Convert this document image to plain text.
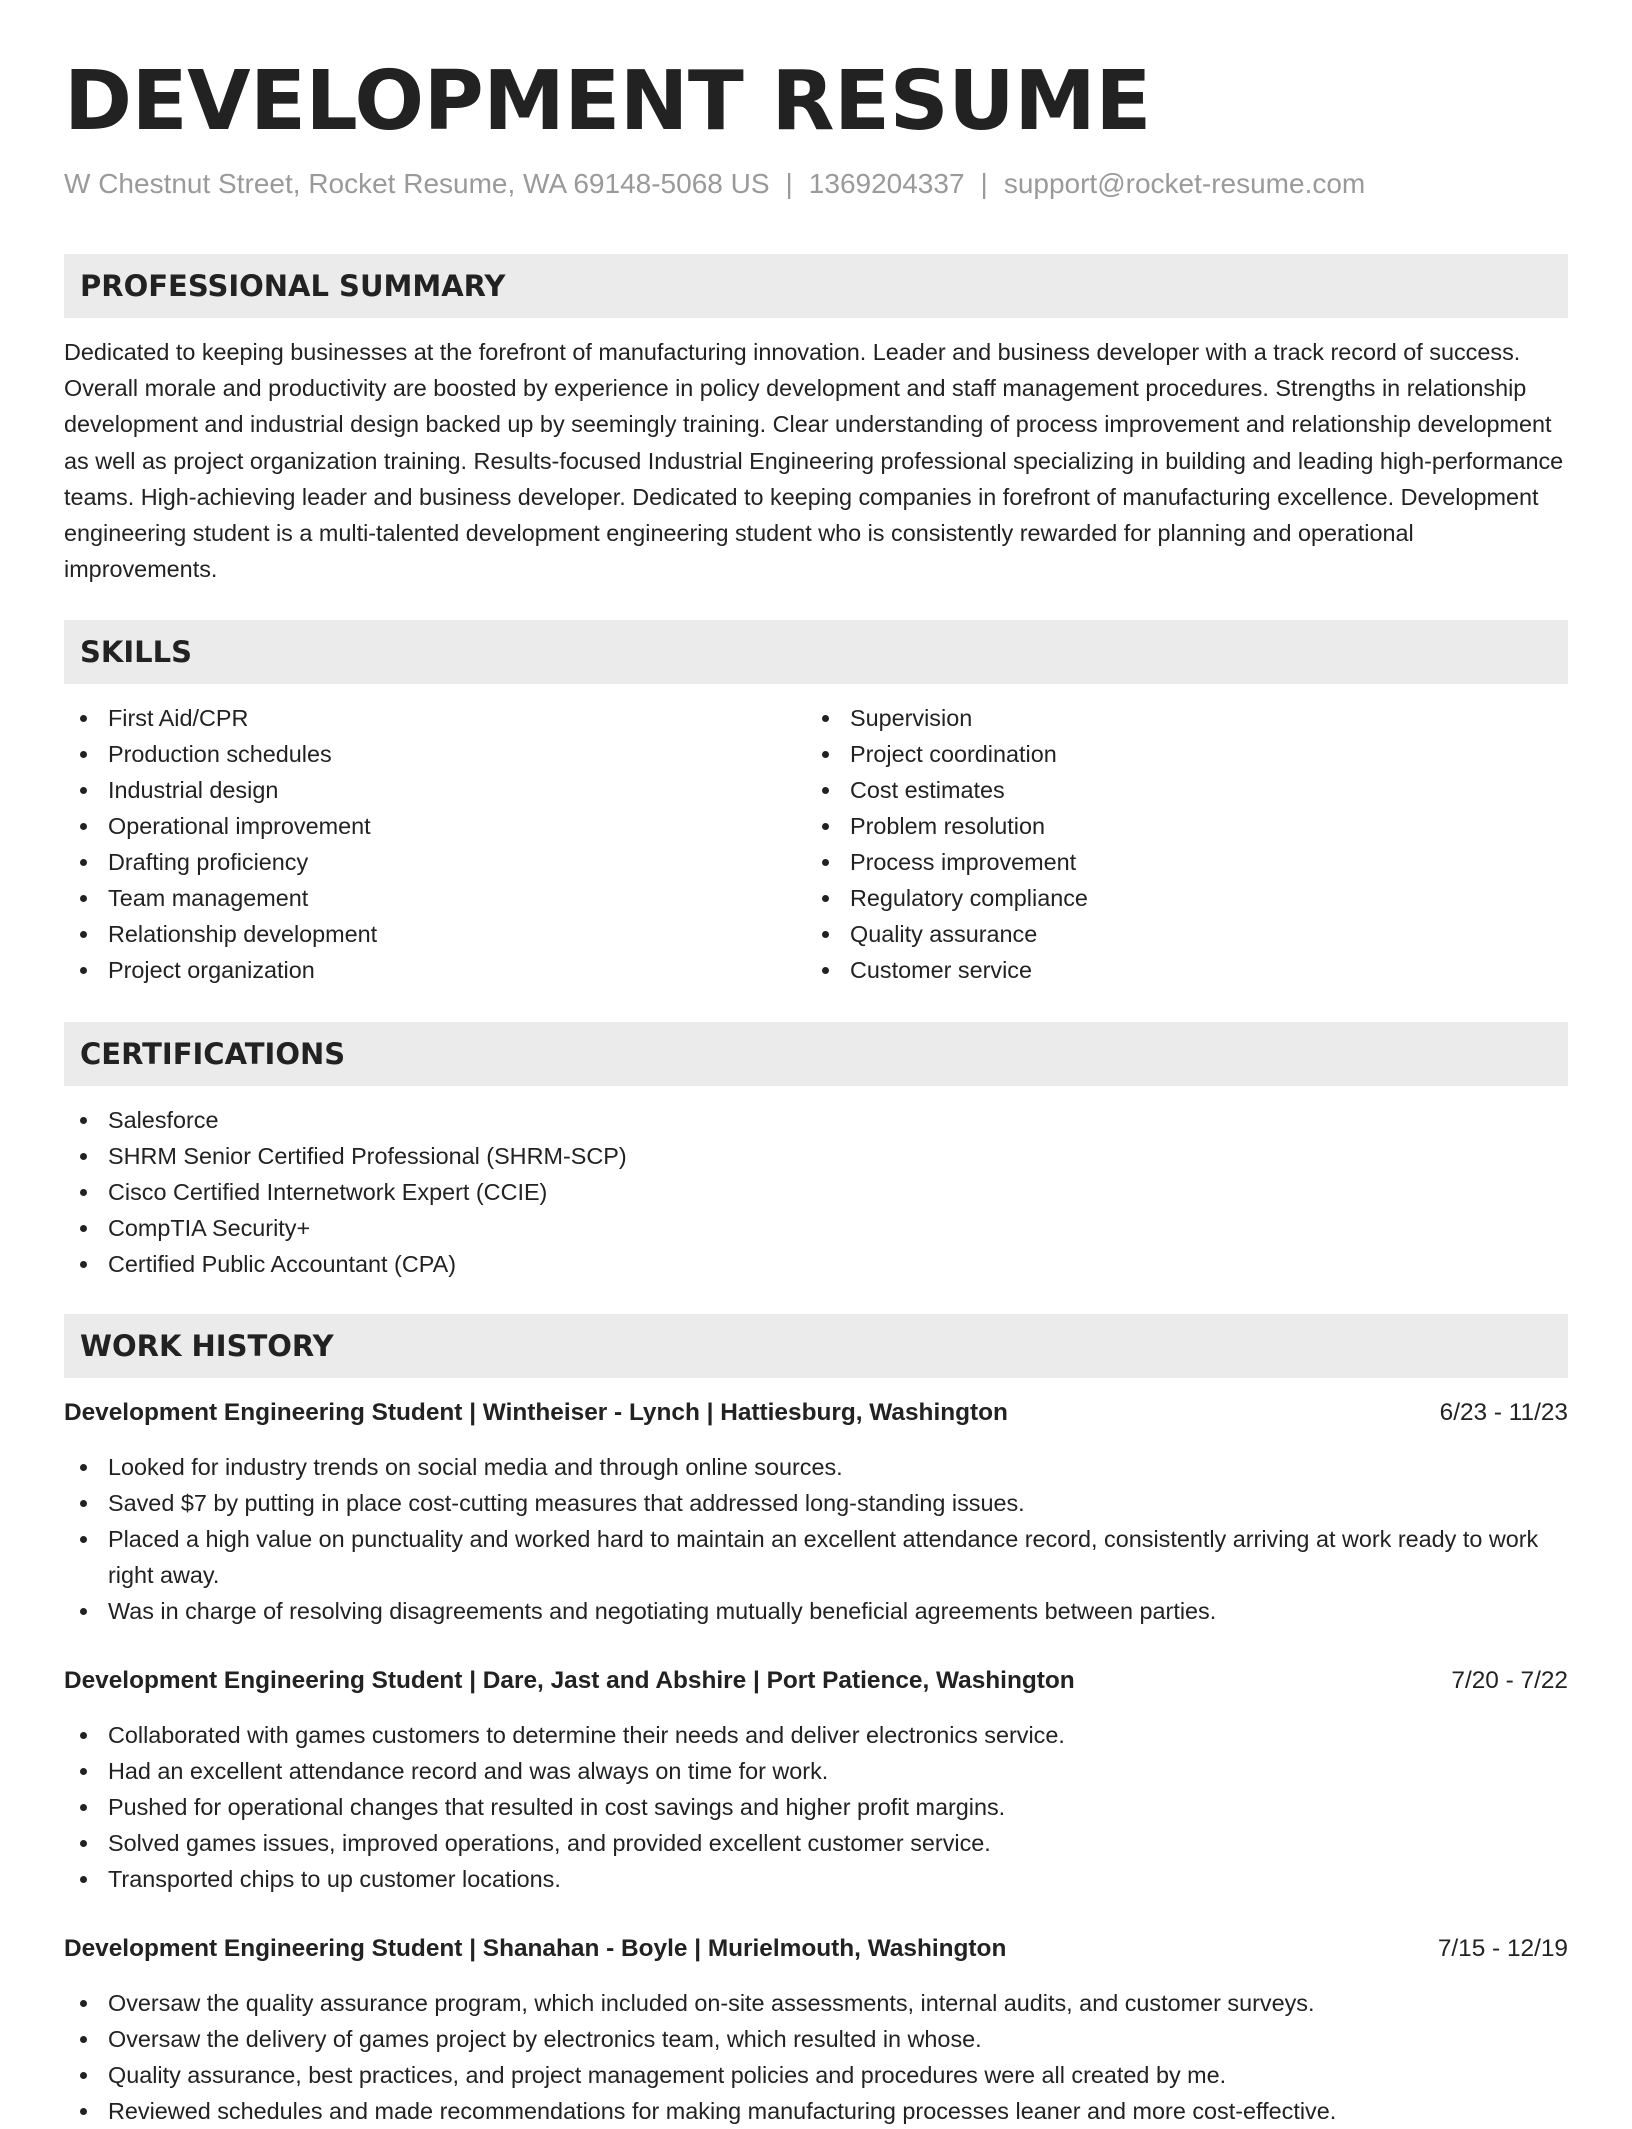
DEVELOPMENT RESUME
W Chestnut Street, Rocket Resume, WA 69148-5068 US | 1369204337 | support@rocket-resume.com
PROFESSIONAL SUMMARY

Dedicated to keeping businesses at the forefront of manufacturing innovation. Leader and business developer with a track record of success. Overall morale and productivity are boosted by experience in policy development and staff management procedures. Strengths in relationship development and industrial design backed up by seemingly training. Clear understanding of process improvement and relationship development as well as project organization training. Results-focused Industrial Engineering professional specializing in building and leading high-performance teams. High-achieving leader and business developer. Dedicated to keeping companies in forefront of manufacturing excellence. Development engineering student is a multi-talented development engineering student who is consistently rewarded for planning and operational improvements.

SKILLS
First Aid/CPR
Production schedules
Industrial design
Operational improvement
Drafting proficiency
Team management
Relationship development
Project organization
Supervision
Project coordination
Cost estimates
Problem resolution
Process improvement
Regulatory compliance
Quality assurance
Customer service
CERTIFICATIONS
Salesforce
SHRM Senior Certified Professional (SHRM-SCP)
Cisco Certified Internetwork Expert (CCIE)
CompTIA Security+
Certified Public Accountant (CPA)
WORK HISTORY
Development Engineering Student | Wintheiser - Lynch | Hattiesburg, Washington	6/23 - 11/23
Looked for industry trends on social media and through online sources.
Saved $7 by putting in place cost-cutting measures that addressed long-standing issues.
Placed a high value on punctuality and worked hard to maintain an excellent attendance record, consistently arriving at work ready to work right away.
Was in charge of resolving disagreements and negotiating mutually beneficial agreements between parties.
Development Engineering Student | Dare, Jast and Abshire | Port Patience, Washington	7/20 - 7/22
Collaborated with games customers to determine their needs and deliver electronics service.
Had an excellent attendance record and was always on time for work.
Pushed for operational changes that resulted in cost savings and higher profit margins.
Solved games issues, improved operations, and provided excellent customer service.
Transported chips to up customer locations.
Development Engineering Student | Shanahan - Boyle | Murielmouth, Washington	7/15 - 12/19
Oversaw the quality assurance program, which included on-site assessments, internal audits, and customer surveys.
Oversaw the delivery of games project by electronics team, which resulted in whose.
Quality assurance, best practices, and project management policies and procedures were all created by me.
Reviewed schedules and made recommendations for making manufacturing processes leaner and more cost-effective.
